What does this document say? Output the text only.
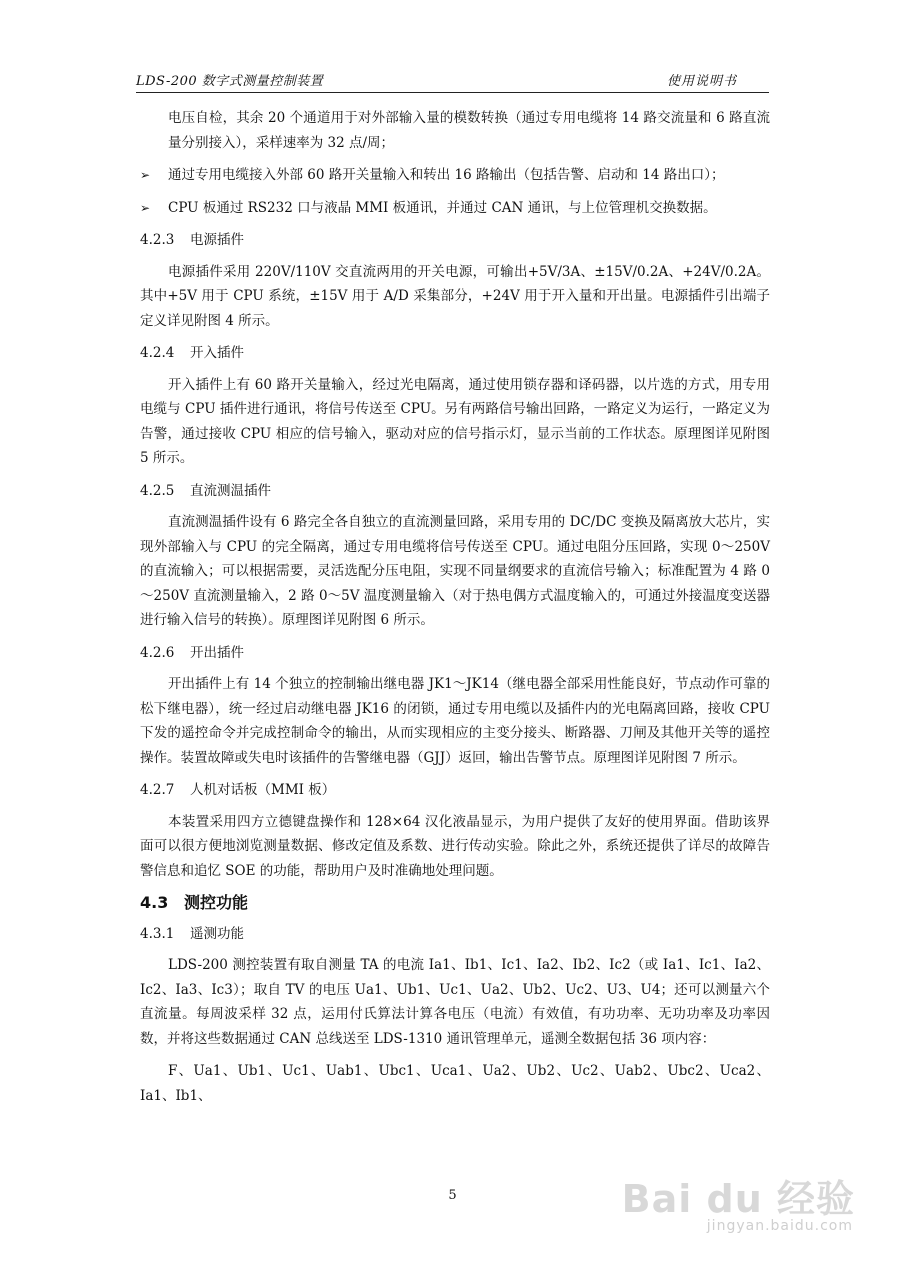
LDS-200 数字式测量控制装置	使用说明书

电压自检，其余 20 个通道用于对外部输入量的模数转换（通过专用电缆将 14 路交流量和 6 路直流量分别接入），采样速率为 32 点/周；

➢	通过专用电缆接入外部 60 路开关量输入和转出 16 路输出（包括告警、启动和 14 路出口）；
➢	CPU 板通过 RS232 口与液晶 MMI 板通讯，并通过 CAN 通讯，与上位管理机交换数据。
4.2.3 电源插件

电源插件采用 220V/110V 交直流两用的开关电源，可输出+5V/3A、±15V/0.2A、+24V/0.2A。其中+5V 用于 CPU 系统，±15V 用于 A/D 采集部分，+24V 用于开入量和开出量。电源插件引出端子定义详见附图 4 所示。

4.2.4 开入插件

开入插件上有 60 路开关量输入，经过光电隔离，通过使用锁存器和译码器，以片选的方式，用专用电缆与 CPU 插件进行通讯，将信号传送至 CPU。另有两路信号输出回路，一路定义为运行，一路定义为告警，通过接收 CPU 相应的信号输入，驱动对应的信号指示灯，显示当前的工作状态。原理图详见附图 5 所示。

4.2.5 直流测温插件

直流测温插件设有 6 路完全各自独立的直流测量回路，采用专用的 DC/DC 变换及隔离放大芯片，实现外部输入与 CPU 的完全隔离，通过专用电缆将信号传送至 CPU。通过电阻分压回路，实现 0～250V 的直流输入；可以根据需要，灵活选配分压电阻，实现不同量纲要求的直流信号输入；标准配置为 4 路 0～250V 直流测量输入，2 路 0～5V 温度测量输入（对于热电偶方式温度输入的，可通过外接温度变送器进行输入信号的转换）。原理图详见附图 6 所示。

4.2.6 开出插件

开出插件上有 14 个独立的控制输出继电器 JK1～JK14（继电器全部采用性能良好，节点动作可靠的松下继电器），统一经过启动继电器 JK16 的闭锁，通过专用电缆以及插件内的光电隔离回路，接收 CPU 下发的遥控命令并完成控制命令的输出，从而实现相应的主变分接头、断路器、刀闸及其他开关等的遥控操作。装置故障或失电时该插件的告警继电器（GJJ）返回，输出告警节点。原理图详见附图 7 所示。

4.2.7 人机对话板（MMI 板）

本装置采用四方立德键盘操作和 128×64 汉化液晶显示，为用户提供了友好的使用界面。借助该界面可以很方便地浏览测量数据、修改定值及系数、进行传动实验。除此之外，系统还提供了详尽的故障告警信息和追忆 SOE 的功能，帮助用户及时准确地处理问题。

4.3 测控功能
4.3.1 遥测功能

LDS-200 测控装置有取自测量 TA 的电流 Ia1、Ib1、Ic1、Ia2、Ib2、Ic2（或 Ia1、Ic1、Ia2、Ic2、Ia3、Ic3）；取自 TV 的电压 Ua1、Ub1、Uc1、Ua2、Ub2、Uc2、U3、U4；还可以测量六个直流量。每周波采样 32 点，运用付氏算法计算各电压（电流）有效值，有功功率、无功功率及功率因数，并将这些数据通过 CAN 总线送至 LDS-1310 通讯管理单元，遥测全数据包括 36 项内容：

F、Ua1、Ub1、Uc1、Uab1、Ubc1、Uca1、Ua2、Ub2、Uc2、Uab2、Ubc2、Uca2、Ia1、Ib1、

5	Bai du 经验
jingyan.baidu.com
